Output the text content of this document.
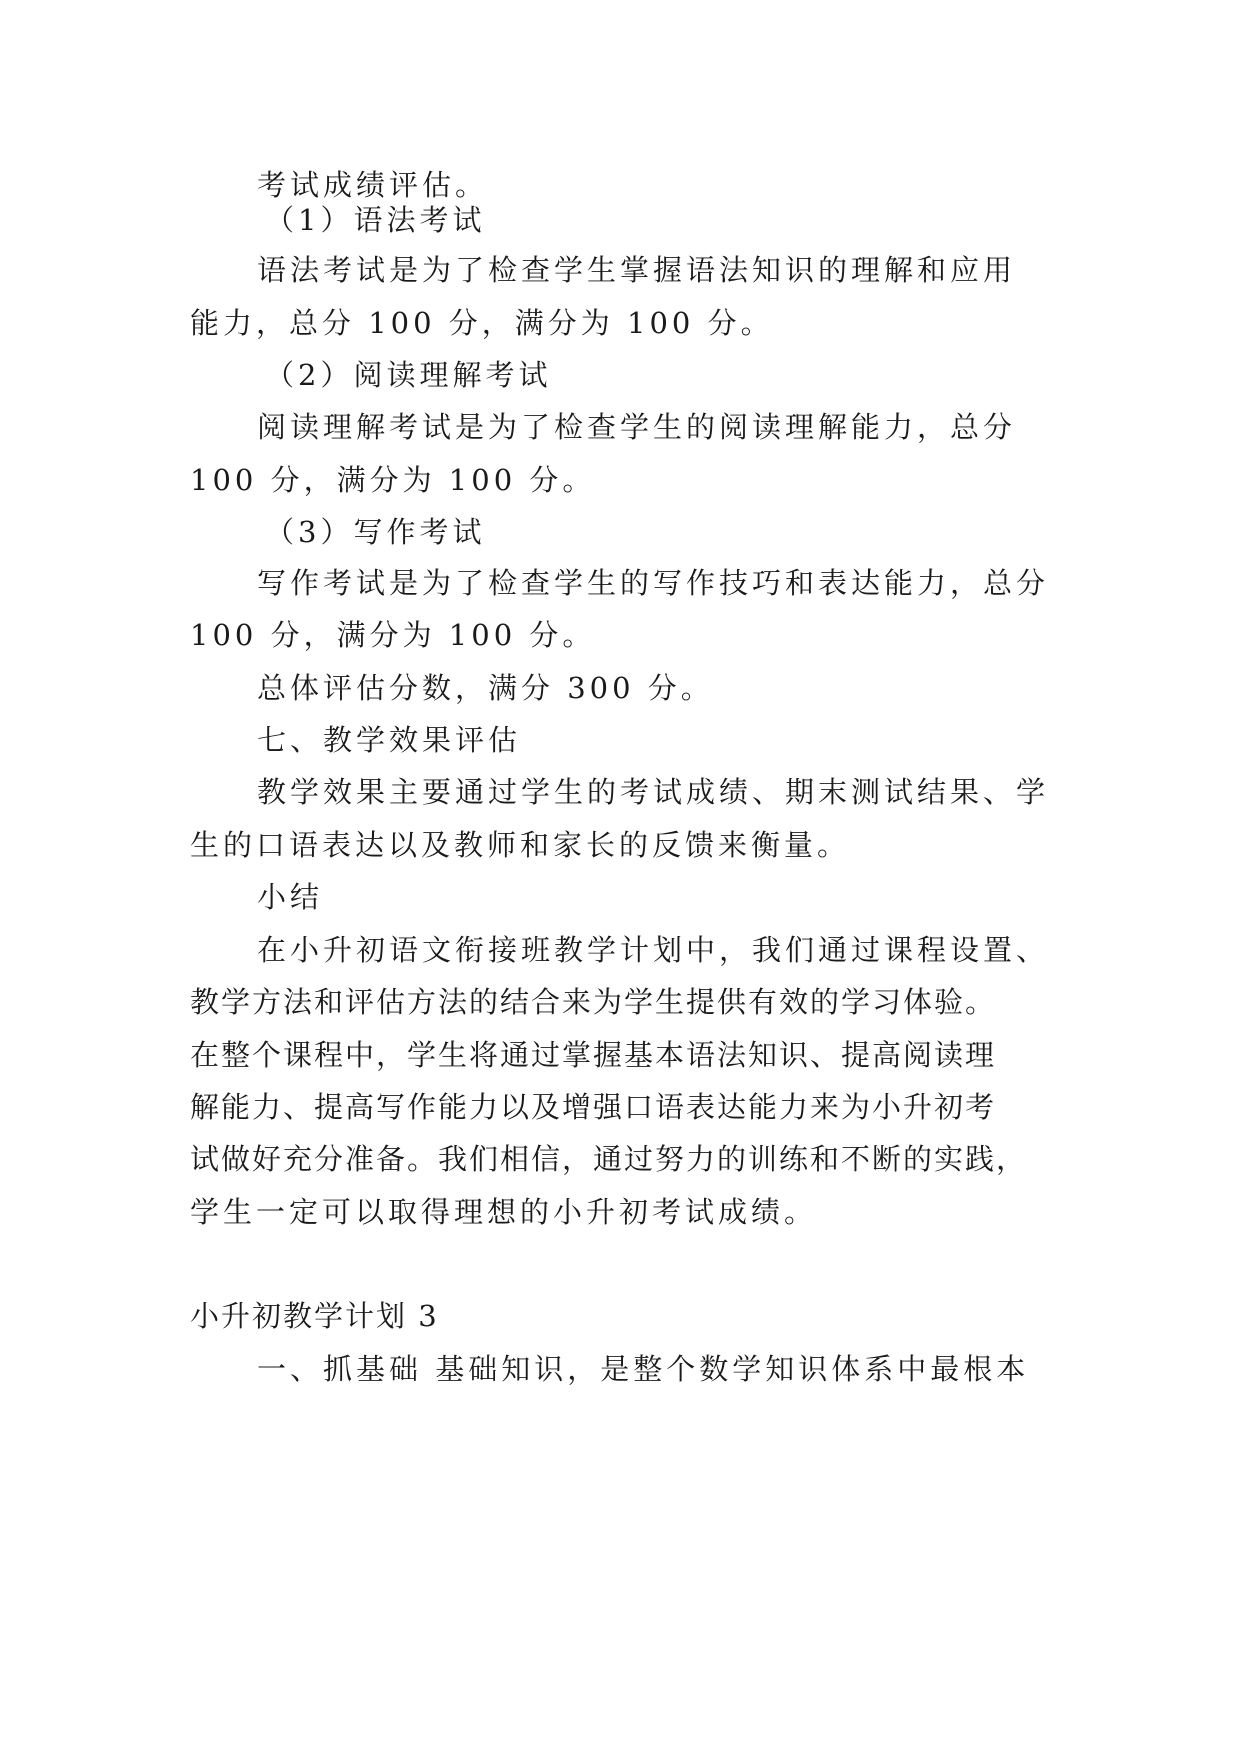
考试成绩评估。
（1）语法考试
语法考试是为了检查学生掌握语法知识的理解和应用
能力，总分 100 分，满分为 100 分。
（2）阅读理解考试
阅读理解考试是为了检查学生的阅读理解能力，总分
100 分，满分为 100 分。
（3）写作考试
写作考试是为了检查学生的写作技巧和表达能力，总分
100 分，满分为 100 分。
总体评估分数，满分 300 分。
七、教学效果评估
教学效果主要通过学生的考试成绩、期末测试结果、学
生的口语表达以及教师和家长的反馈来衡量。
小结
在小升初语文衔接班教学计划中，我们通过课程设置、
教学方法和评估方法的结合来为学生提供有效的学习体验。
在整个课程中，学生将通过掌握基本语法知识、提高阅读理
解能力、提高写作能力以及增强口语表达能力来为小升初考
试做好充分准备。我们相信，通过努力的训练和不断的实践，
学生一定可以取得理想的小升初考试成绩。
小升初教学计划 3
一、抓基础 基础知识，是整个数学知识体系中最根本
